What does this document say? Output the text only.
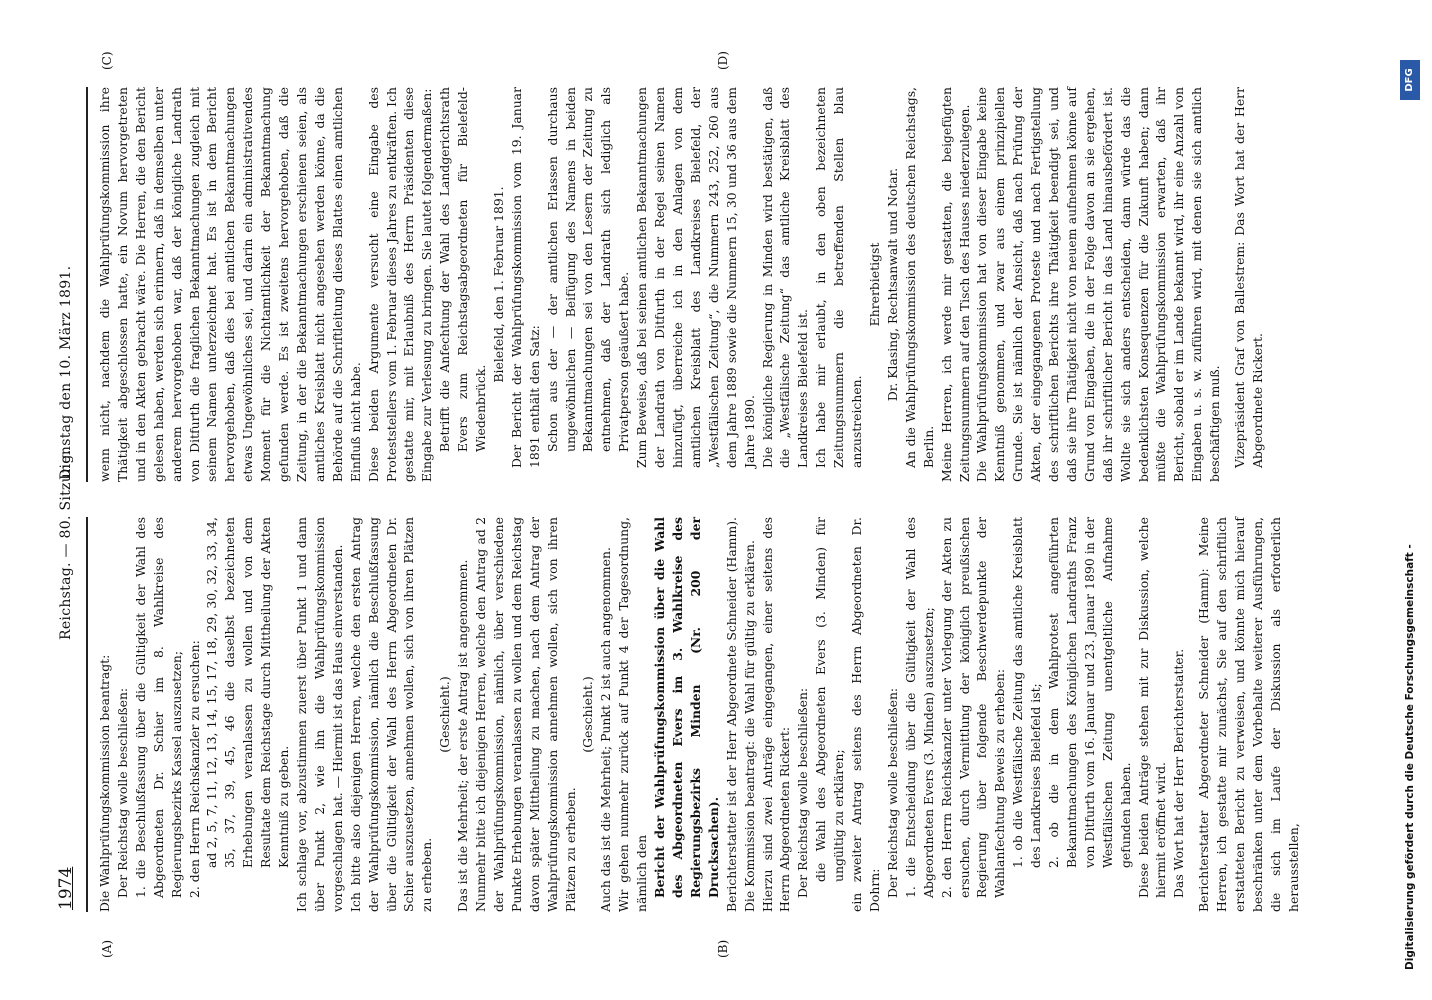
1974
Reichstag. — 80. Sitzung.
Dienstag den 10. März 1891.
(A)	(B)
(C)	(D)

Die Wahlprüfungskommission beantragt: Der Reichstag wolle beschließen: 1. die Beschlußfassung über die Gültigkeit der Wahl des Abgeordneten Dr. Schier im 8. Wahlkreise des Regierungsbezirks Kassel auszusetzen; 2. den Herrn Reichskanzler zu ersuchen: ad 2, 5, 7, 11, 12, 13, 14, 15, 17, 18, 29, 30, 32, 33, 34, 35, 37, 39, 45, 46 die daselbst bezeichneten Erhebungen veranlassen zu wollen und von dem Resultate dem Reichstage durch Mittheilung der Akten Kenntniß zu geben. Ich schlage vor, abzustimmen zuerst über Punkt 1 und dann über Punkt 2, wie ihn die Wahlprüfungskommission vorgeschlagen hat. — Hiermit ist das Haus einverstanden. Ich bitte also diejenigen Herren, welche den ersten Antrag der Wahlprüfungskommission, nämlich die Beschlußfassung über die Gültigkeit der Wahl des Herrn Abgeordneten Dr. Schier auszusetzen, annehmen wollen, sich von ihren Plätzen zu erheben.

(Geschieht.) Das ist die Mehrheit; der erste Antrag ist angenommen. Nunmehr bitte ich diejenigen Herren, welche den Antrag ad 2 der Wahlprüfungskommission, nämlich, über verschiedene Punkte Erhebungen veranlassen zu wollen und dem Reichstag davon später Mittheilung zu machen, nach dem Antrag der Wahlprüfungskommission annehmen wollen, sich von ihren Plätzen zu erheben.

(Geschieht.) Auch das ist die Mehrheit; Punkt 2 ist auch angenommen. Wir gehen nunmehr zurück auf Punkt 4 der Tagesordnung, nämlich den Bericht der Wahlprüfungskommission über die Wahl des Abgeordneten Evers im 3. Wahlkreise des Regierungsbezirks Minden (Nr. 200 der Drucksachen). Berichterstatter ist der Herr Abgeordnete Schneider (Hamm). Die Kommission beantragt: die Wahl für gültig zu erklären. Hierzu sind zwei Anträge eingegangen, einer seitens des Herrn Abgeordneten Rickert: Der Reichstag wolle beschließen: die Wahl des Abgeordneten Evers (3. Minden) für ungültig zu erklären; ein zweiter Antrag seitens des Herrn Abgeordneten Dr. Dohrn: Der Reichstag wolle beschließen: 1. die Entscheidung über die Gültigkeit der Wahl des Abgeordneten Evers (3. Minden) auszusetzen; 2. den Herrn Reichskanzler unter Vorlegung der Akten zu ersuchen, durch Vermittlung der königlich preußischen Regierung über folgende Beschwerdepunkte der Wahlanfechtung Beweis zu erheben: 1. ob die Westfälische Zeitung das amtliche Kreisblatt des Landkreises Bielefeld ist; 2. ob die in dem Wahlprotest angeführten Bekanntmachungen des Königlichen Landraths Franz von Ditfurth vom 16. Januar und 23. Januar 1890 in der Westfälischen Zeitung unentgeltliche Aufnahme gefunden haben. Diese beiden Anträge stehen mit zur Diskussion, welche hiermit eröffnet wird. Das Wort hat der Herr Berichterstatter. Berichterstatter Abgeordneter Schneider (Hamm): Meine Herren, ich gestatte mir zunächst, Sie auf den schriftlich erstatteten Bericht zu verweisen, und könnte mich hierauf beschränken unter dem Vorbehalte weiterer Ausführungen, die sich im Laufe der Diskussion als erforderlich herausstellen,

wenn nicht, nachdem die Wahlprüfungskommission ihre Thätigkeit abgeschlossen hatte, ein Novum hervorgetreten und in den Akten gebracht wäre. Die Herren, die den Bericht gelesen haben, werden sich erinnern, daß in demselben unter anderem hervorgehoben war, daß der königliche Landrath von Ditfurth die fraglichen Bekanntmachungen zugleich mit seinem Namen unterzeichnet hat. Es ist in dem Bericht hervorgehoben, daß dies bei amtlichen Bekanntmachungen etwas Ungewöhnliches sei, und darin ein administrativendes Moment für die Nichtamtlichkeit der Bekanntmachung gefunden werde. Es ist zweitens hervorgehoben, daß die Zeitung, in der die Bekanntmachungen erschienen seien, als amtliches Kreisblatt nicht angesehen werden könne, da die Behörde auf die Schriftleitung dieses Blattes einen amtlichen Einfluß nicht habe. Diese beiden Argumente versucht eine Eingabe des Proteststellers vom 1. Februar dieses Jahres zu entkräften. Ich gestatte mir, mit Erlaubniß des Herrn Präsidenten diese Eingabe zur Verlesung zu bringen. Sie lautet folgendermaßen: Betrifft die Anfechtung der Wahl des Landgerichtsrath Evers zum Reichstagsabgeordneten für Bielefeld-Wiedenbrück.

Bielefeld, den 1. Februar 1891. Der Bericht der Wahlprüfungskommission vom 19. Januar 1891 enthält den Satz: Schon aus der — der amtlichen Erlassen durchaus ungewöhnlichen — Beifügung des Namens in beiden Bekanntmachungen sei von den Lesern der Zeitung zu entnehmen, daß der Landrath sich lediglich als Privatperson geäußert habe. Zum Beweise, daß bei seinen amtlichen Bekanntmachungen der Landrath von Ditfurth in der Regel seinen Namen hinzufügt, überreiche ich in den Anlagen von dem amtlichen Kreisblatt des Landkreises Bielefeld, der „Westfälischen Zeitung“, die Nummern 243, 252, 260 aus dem Jahre 1889 sowie die Nummern 15, 30 und 36 aus dem Jahre 1890. Die königliche Regierung in Minden wird bestätigen, daß die „Westfälische Zeitung“ das amtliche Kreisblatt des Landkreises Bielefeld ist. Ich habe mir erlaubt, in den oben bezeichneten Zeitungsnummern die betreffenden Stellen blau anzustreichen.

Ehrerbietigst Dr. Klasing, Rechtsanwalt und Notar. An die Wahlprüfungskommission des deutschen Reichstags, Berlin. Meine Herren, ich werde mir gestatten, die beigefügten Zeitungsnummern auf den Tisch des Hauses niederzulegen. Die Wahlprüfungskommission hat von dieser Eingabe keine Kenntniß genommen, und zwar aus einem prinzipiellen Grunde. Sie ist nämlich der Ansicht, daß nach Prüfung der Akten, der eingegangenen Proteste und nach Fertigstellung des schriftlichen Berichts ihre Thätigkeit beendigt sei, und daß sie ihre Thätigkeit nicht von neuem aufnehmen könne auf Grund von Eingaben, die in der Folge davon an sie ergehen, daß ihr schriftlicher Bericht in das Land hinausbefördert ist. Wollte sie sich anders entscheiden, dann würde das die bedenklichsten Konsequenzen für die Zukunft haben; dann müßte die Wahlprüfungskommission erwarten, daß ihr Bericht, sobald er im Lande bekannt wird, ihr eine Anzahl von Eingaben u. s. w. zuführen wird, mit denen sie sich amtlich beschäftigen muß. Vizepräsident Graf von Ballestrem: Das Wort hat der Herr Abgeordnete Rickert.

Digitalisierung gefördert durch die Deutsche Forschungsgemeinschaft -
DFG
